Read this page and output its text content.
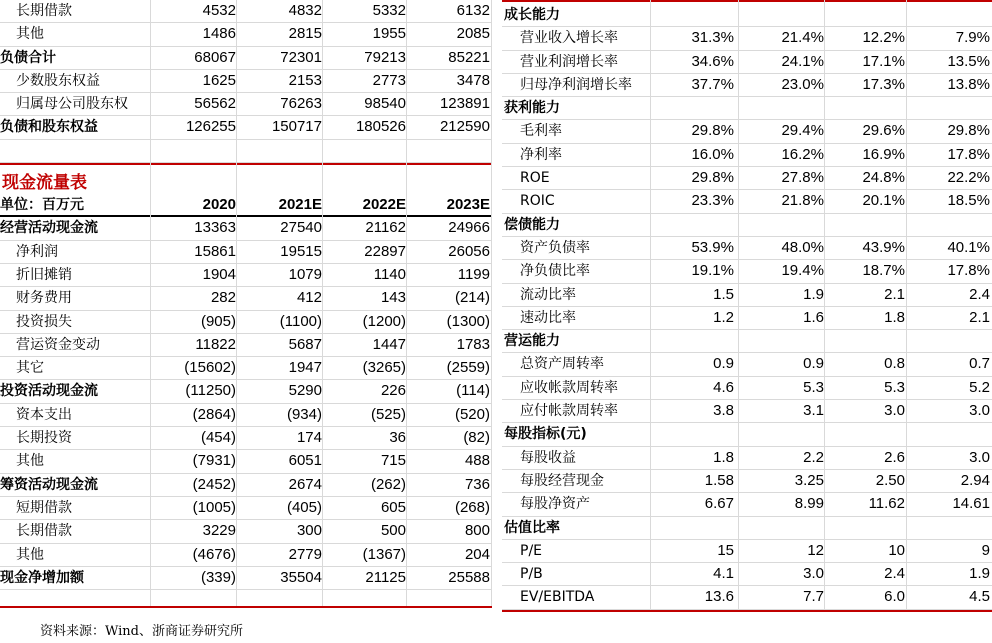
长期借款	4532	4832	5332	6132
其他	1486	2815	1955	2085
负债合计	68067	72301	79213	85221
少数股东权益	1625	2153	2773	3478
归属母公司股东权	56562	76263	98540	123891
负债和股东权益	126255	150717	180526	212590
现金流量表
单位：百万元	2020	2021E	2022E	2023E
经营活动现金流	13363	27540	21162	24966
净利润	15861	19515	22897	26056
折旧摊销	1904	1079	1140	1199
财务费用	282	412	143	(214)
投资损失	(905)	(1100)	(1200)	(1300)
营运资金变动	11822	5687	1447	1783
其它	(15602)	1947	(3265)	(2559)
投资活动现金流	(11250)	5290	226	(114)
资本支出	(2864)	(934)	(525)	(520)
长期投资	(454)	174	36	(82)
其他	(7931)	6051	715	488
筹资活动现金流	(2452)	2674	(262)	736
短期借款	(1005)	(405)	605	(268)
长期借款	3229	300	500	800
其他	(4676)	2779	(1367)	204
现金净增加额	(339)	35504	21125	25588
成长能力
营业收入增长率	31.3%	21.4%	12.2%	7.9%
营业利润增长率	34.6%	24.1%	17.1%	13.5%
归母净利润增长率	37.7%	23.0%	17.3%	13.8%
获利能力
毛利率	29.8%	29.4%	29.6%	29.8%
净利率	16.0%	16.2%	16.9%	17.8%
ROE	29.8%	27.8%	24.8%	22.2%
ROIC	23.3%	21.8%	20.1%	18.5%
偿债能力
资产负债率	53.9%	48.0%	43.9%	40.1%
净负债比率	19.1%	19.4%	18.7%	17.8%
流动比率	1.5	1.9	2.1	2.4
速动比率	1.2	1.6	1.8	2.1
营运能力
总资产周转率	0.9	0.9	0.8	0.7
应收帐款周转率	4.6	5.3	5.3	5.2
应付帐款周转率	3.8	3.1	3.0	3.0
每股指标(元)
每股收益	1.8	2.2	2.6	3.0
每股经营现金	1.58	3.25	2.50	2.94
每股净资产	6.67	8.99	11.62	14.61
估值比率
P/E	15	12	10	9
P/B	4.1	3.0	2.4	1.9
EV/EBITDA	13.6	7.7	6.0	4.5
资料来源：Wind、浙商证券研究所
